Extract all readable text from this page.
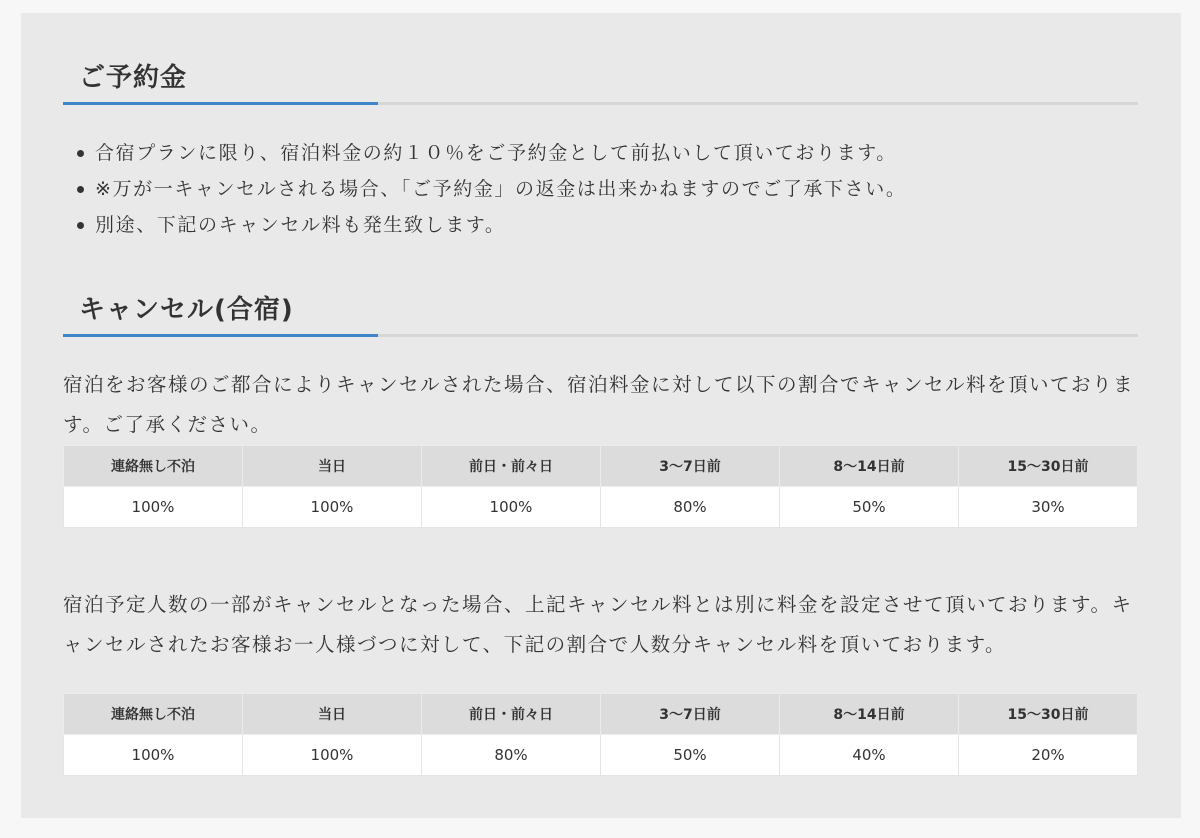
ご予約金
合宿プランに限り、宿泊料金の約１０％をご予約金として前払いして頂いております。
※万が一キャンセルされる場合、「ご予約金」の返金は出来かねますのでご了承下さい。
別途、下記のキャンセル料も発生致します。
キャンセル(合宿)

宿泊をお客様のご都合によりキャンセルされた場合、宿泊料金に対して以下の割合でキャンセル料を頂いております。ご了承ください。

連絡無し不泊	当日	前日・前々日	3〜7日前	8〜14日前	15〜30日前
100%	100%	100%	80%	50%	30%

宿泊予定人数の一部がキャンセルとなった場合、上記キャンセル料とは別に料金を設定させて頂いております。キャンセルされたお客様お一人様づつに対して、下記の割合で人数分キャンセル料を頂いております。

連絡無し不泊	当日	前日・前々日	3〜7日前	8〜14日前	15〜30日前
100%	100%	80%	50%	40%	20%
